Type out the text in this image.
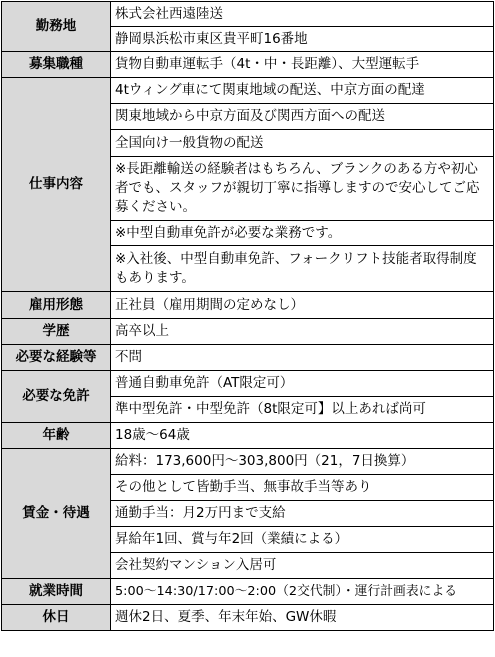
勤務地	株式会社西遠陸送
	静岡県浜松市東区貴平町16番地
募集職種	貨物自動車運転手（4t・中・長距離）、大型運転手
仕事内容	4tウィング車にて関東地域の配送、中京方面の配達
	関東地域から中京方面及び関西方面への配送
	全国向け一般貨物の配送
	※長距離輸送の経験者はもちろん、ブランクのある方や初心者でも、スタッフが親切丁寧に指導しますので安心してご応募ください。
	※中型自動車免許が必要な業務です。
	※入社後、中型自動車免許、フォークリフト技能者取得制度もあります。
雇用形態	正社員（雇用期間の定めなし）
学歴	高卒以上
必要な経験等	不問
必要な免許	普通自動車免許（AT限定可）
	準中型免許・中型免許（8t限定可】以上あれば尚可
年齢	18歳～64歳
賃金・待遇	給料：173,600円～303,800円（21，7日換算）
	その他として皆勤手当、無事故手当等あり
	通勤手当：月2万円まで支給
	昇給年1回、賞与年2回（業績による）
	会社契約マンション入居可
就業時間	5:00～14:30/17:00～2:00（2交代制）・運行計画表による
休日	週休2日、夏季、年末年始、GW休暇
